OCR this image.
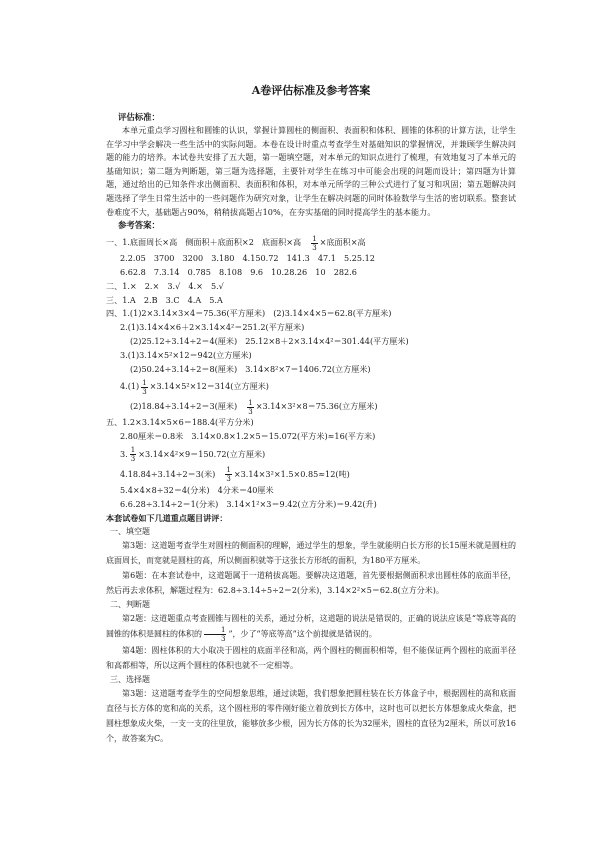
A卷评估标准及参考答案
评估标准：
本单元重点学习圆柱和圆锥的认识，掌握计算圆柱的侧面积、表面积和体积、圆锥的体积的计算方法，让学生在学习中学会解决一些生活中的实际问题。本卷在设计时重点考查学生对基础知识的掌握情况，并兼顾学生解决问题的能力的培养。本试卷共安排了五大题，第一题填空题，对本单元的知识点进行了梳理，有效地复习了本单元的基础知识；第二题为判断题，第三题为选择题，主要针对学生在练习中可能会出现的问题而设计；第四题为计算题，通过给出的已知条件求出侧面积、表面积和体积，对本单元所学的三种公式进行了复习和巩固；第五题解决问题选择了学生日常生活中的一些问题作为研究对象，让学生在解决问题的同时体验数学与生活的密切联系。整套试卷难度不大，基础题占90%，稍稍拔高题占10%，在夯实基础的同时提高学生的基本能力。
参考答案：
一、1.底面周长×高　侧面积＋底面积×2　底面积×高　 $\frac{1}{3}$ ×底面积×高
2.2.05　3700　3200　3.180　4.150.72　141.3　47.1　5.25.12
6.62.8　7.3.14　0.785　8.108　9.6　10.28.26　10　282.6
二、1.×　2.×　3.√　4.×　5.√
三、1.A　2.B　3.C　4.A　5.A
四、1.(1)2×3.14×3×4＝75.36(平方厘米)　(2)3.14×4×5＝62.8(平方厘米)
2.(1)3.14×4×6＋2×3.14×4²＝251.2(平方厘米)
(2)25.12÷3.14÷2＝4(厘米)　25.12×8＋2×3.14×4²＝301.44(平方厘米)
3.(1)3.14×5²×12＝942(立方厘米)
(2)50.24÷3.14÷2＝8(厘米)　3.14×8²×7＝1406.72(立方厘米)
$4.(1) \frac{1}{3} \times 3.14\times 5^2\times 12=314$(立方厘米)
(2)18.84÷3.14÷2＝3(厘米)　 $\frac{1}{3} \times 3.14\times 3^2\times 8=75.36$(立方厘米)
五、1.2×3.14×5×6＝188.4(平方分米)
2.80厘米＝0.8米　3.14×0.8×1.2×5＝15.072(平方米)≈16(平方米)
3. $\frac{1}{3} \times 3.14\times 4^2\times 9=150.72$(立方厘米)
4.18.84÷3.14÷2＝3(米)　 $\frac{1}{3} \times 3.14\times 3^2\times 1.5\times 0.85\approx 12$(吨)
5.4×4×8÷32＝4(分米)　4分米＝40厘米
6.6.28÷3.14÷2＝1(分米)　3.14×1²×3＝9.42(立方分米)＝9.42(升)
本套试卷如下几道重点题目讲评：
一、填空题
第3题：这道题考查学生对圆柱的侧面积的理解，通过学生的想象，学生就能明白长方形的长15厘米就是圆柱的底面周长，而宽就是圆柱的高，所以侧面积就等于这张长方形纸的面积，为180平方厘米。
第6题：在本套试卷中，这道题属于一道稍拔高题。要解决这道题，首先要根据侧面积求出圆柱体的底面半径，然后再去求体积，解题过程为：62.8÷3.14÷5÷2＝2(分米)，3.14×2²×5＝62.8(立方分米)。
二、判断题
第2题：这道题重点考查圆锥与圆柱的关系，通过分析，这道题的说法是错误的，正确的说法应该是“等底等高的圆锥的体积是圆柱的体积的 $\frac{1}{3}$ ”，少了“等底等高”这个前提就是错误的。
第4题：圆柱体积的大小取决于圆柱的底面半径和高，两个圆柱的侧面积相等，但不能保证两个圆柱的底面半径和高都相等，所以这两个圆柱的体积也就不一定相等。
三、选择题
第3题：这道题考查学生的空间想象思维，通过读题，我们想象把圆柱装在长方体盒子中，根据圆柱的高和底面直径与长方体的宽和高的关系，这个圆柱形的零件刚好能立着放到长方体中，这时也可以把长方体想象成火柴盒，把圆柱想象成火柴，一支一支的往里放，能够放多少根，因为长方体的长为32厘米，圆柱的直径为2厘米，所以可放16个，故答案为C。
